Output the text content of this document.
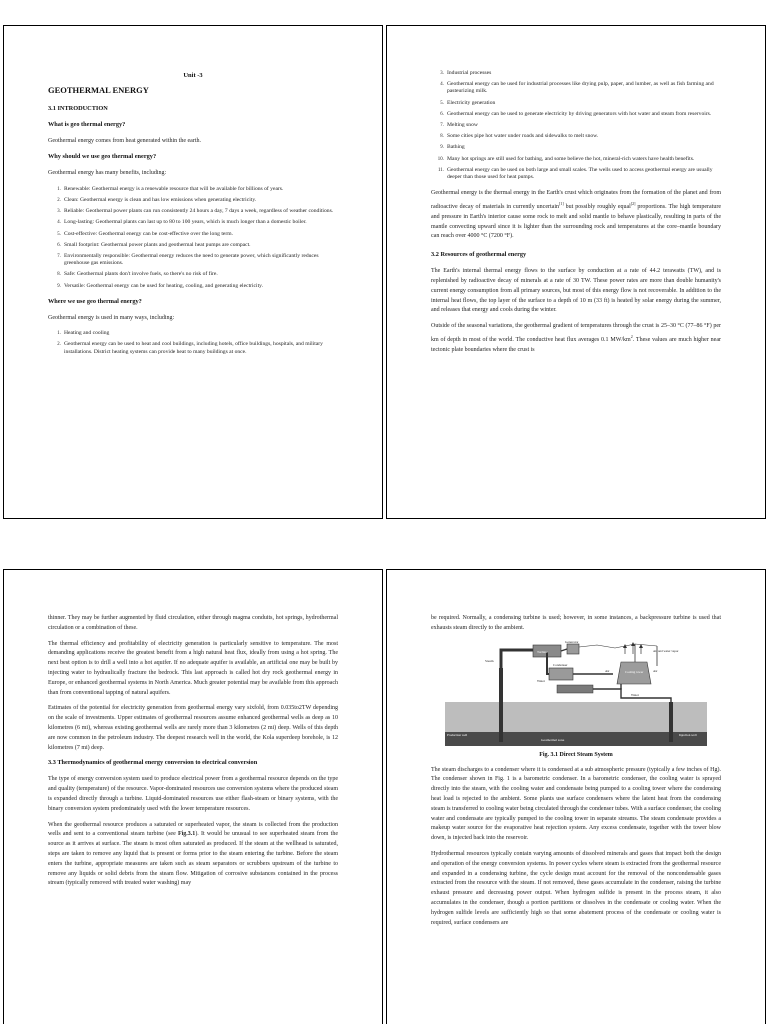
Unit -3
GEOTHERMAL ENERGY
3.1 INTRODUCTION
What is geo thermal energy?
Geothermal energy comes from heat generated within the earth.
Why should we use geo thermal energy?
Geothermal energy has many benefits, including:
1. Renewable: Geothermal energy is a renewable resource that will be available for billions of years.
2. Clean: Geothermal energy is clean and has low emissions when generating electricity.
3. Reliable: Geothermal power plants can run consistently 24 hours a day, 7 days a week, regardless of weather conditions.
4. Long-lasting: Geothermal plants can last up to 80 to 100 years, which is much longer than a domestic boiler.
5. Cost-effective: Geothermal energy can be cost-effective over the long term.
6. Small footprint: Geothermal power plants and geothermal heat pumps are compact.
7. Environmentally responsible: Geothermal energy reduces the need to generate power, which significantly reduces greenhouse gas emissions.
8. Safe: Geothermal plants don't involve fuels, so there's no risk of fire.
9. Versatile: Geothermal energy can be used for heating, cooling, and generating electricity.
Where we use geo thermal energy?
Geothermal energy is used in many ways, including:
1. Heating and cooling
2. Geothermal energy can be used to heat and cool buildings, including hotels, office buildings, hospitals, and military installations. District heating systems can provide heat to many buildings at once.
3. Industrial processes
4. Geothermal energy can be used for industrial processes like drying pulp, paper, and lumber, as well as fish farming and pasteurizing milk.
5. Electricity generation
6. Geothermal energy can be used to generate electricity by driving generators with hot water and steam from reservoirs.
7. Melting snow
8. Some cities pipe hot water under roads and sidewalks to melt snow.
9. Bathing
10. Many hot springs are still used for bathing, and some believe the hot, mineral-rich waters have health benefits.
11. Geothermal energy can be used on both large and small scales. The wells used to access geothermal energy are usually deeper than those used for heat pumps.
Geothermal energy is the thermal energy in the Earth's crust which originates from the formation of the planet and from radioactive decay of materials in currently uncertain[1] but possibly roughly equal[2] proportions. The high temperature and pressure in Earth's interior cause some rock to melt and solid mantle to behave plastically, resulting in parts of the mantle convecting upward since it is lighter than the surrounding rock and temperatures at the core–mantle boundary can reach over 4000 °C (7200 °F).
3.2 Resources of geothermal energy
The Earth's internal thermal energy flows to the surface by conduction at a rate of 44.2 terawatts (TW), and is replenished by radioactive decay of minerals at a rate of 30 TW. These power rates are more than double humanity's current energy consumption from all primary sources, but most of this energy flow is not recoverable. In addition to the internal heat flows, the top layer of the surface to a depth of 10 m (33 ft) is heated by solar energy during the summer, and releases that energy and cools during the winter.
Outside of the seasonal variations, the geothermal gradient of temperatures through the crust is 25–30 °C (77–86 °F) per km of depth in most of the world. The conductive heat flux averages 0.1 $MW/km^2$. These values are much higher near tectonic plate boundaries where the crust is
thinner. They may be further augmented by fluid circulation, either through magma conduits, hot springs, hydrothermal circulation or a combination of these.
The thermal efficiency and profitability of electricity generation is particularly sensitive to temperature. The most demanding applications receive the greatest benefit from a high natural heat flux, ideally from using a hot spring. The next best option is to drill a well into a hot aquifer. If no adequate aquifer is available, an artificial one may be built by injecting water to hydraulically fracture the bedrock. This last approach is called hot dry rock geothermal energy in Europe, or enhanced geothermal systems in North America. Much greater potential may be available from this approach than from conventional tapping of natural aquifers.
Estimates of the potential for electricity generation from geothermal energy vary sixfold, from 0.035to2TW depending on the scale of investments. Upper estimates of geothermal resources assume enhanced geothermal wells as deep as 10 kilometres (6 mi), whereas existing geothermal wells are rarely more than 3 kilometres (2 mi) deep. Wells of this depth are now common in the petroleum industry. The deepest research well in the world, the Kola superdeep borehole, is 12 kilometres (7 mi) deep.
3.3 Thermodynamics of geothermal energy conversion to electrical conversion
The type of energy conversion system used to produce electrical power from a geothermal resource depends on the type and quality (temperature) of the resource. Vapor-dominated resources use conversion systems where the produced steam is expanded directly through a turbine. Liquid-dominated resources use either flash-steam or binary systems, with the binary conversion system predominately used with the lower temperature resources.
When the geothermal resource produces a saturated or superheated vapor, the steam is collected from the production wells and sent to a conventional steam turbine (see Fig.3.1). It would be unusual to see superheated steam from the source as it arrives at surface. The steam is most often saturated as produced. If the steam at the wellhead is saturated, steps are taken to remove any liquid that is present or forms prior to the steam entering the turbine. Before the steam enters the turbine, appropriate measures are taken such as steam separators or scrubbers upstream of the turbine to remove any liquids or solid debris from the steam flow. Mitigation of corrosive substances contained in the process stream (typically removed with treated water washing) may
be required. Normally, a condensing turbine is used; however, in some instances, a backpressure turbine is used that exhausts steam directly to the ambient.
Generator
Turbine
Steam
Condenser
Air and water vapor
Air	Air
Cooling tower
Water
Water
Production well
Geothermal zone
Injection well
Fig. 3.1 Direct Steam System
The steam discharges to a condenser where it is condensed at a sub atmospheric pressure (typically a few inches of Hg). The condenser shown in Fig. 1 is a barometric condenser. In a barometric condenser, the cooling water is sprayed directly into the steam, with the cooling water and condensate being pumped to a cooling tower where the condensing heat load is rejected to the ambient. Some plants use surface condensers where the latent heat from the condensing steam is transferred to cooling water being circulated through the condenser tubes. With a surface condenser, the cooling water and condensate are typically pumped to the cooling tower in separate streams. The steam condensate provides a makeup water source for the evaporative heat rejection system. Any excess condensate, together with the tower blow down, is injected back into the reservoir.
Hydrothermal resources typically contain varying amounts of dissolved minerals and gases that impact both the design and operation of the energy conversion systems. In power cycles where steam is extracted from the geothermal resource and expanded in a condensing turbine, the cycle design must account for the removal of the noncondensable gases extracted from the resource with the steam. If not removed, these gases accumulate in the condenser, raising the turbine exhaust pressure and decreasing power output. When hydrogen sulfide is present in the process steam, it also accumulates in the condenser, though a portion partitions or dissolves in the condensate or cooling water. When the hydrogen sulfide levels are sufficiently high so that some abatement process of the condensate or cooling water is required, surface condensers are
